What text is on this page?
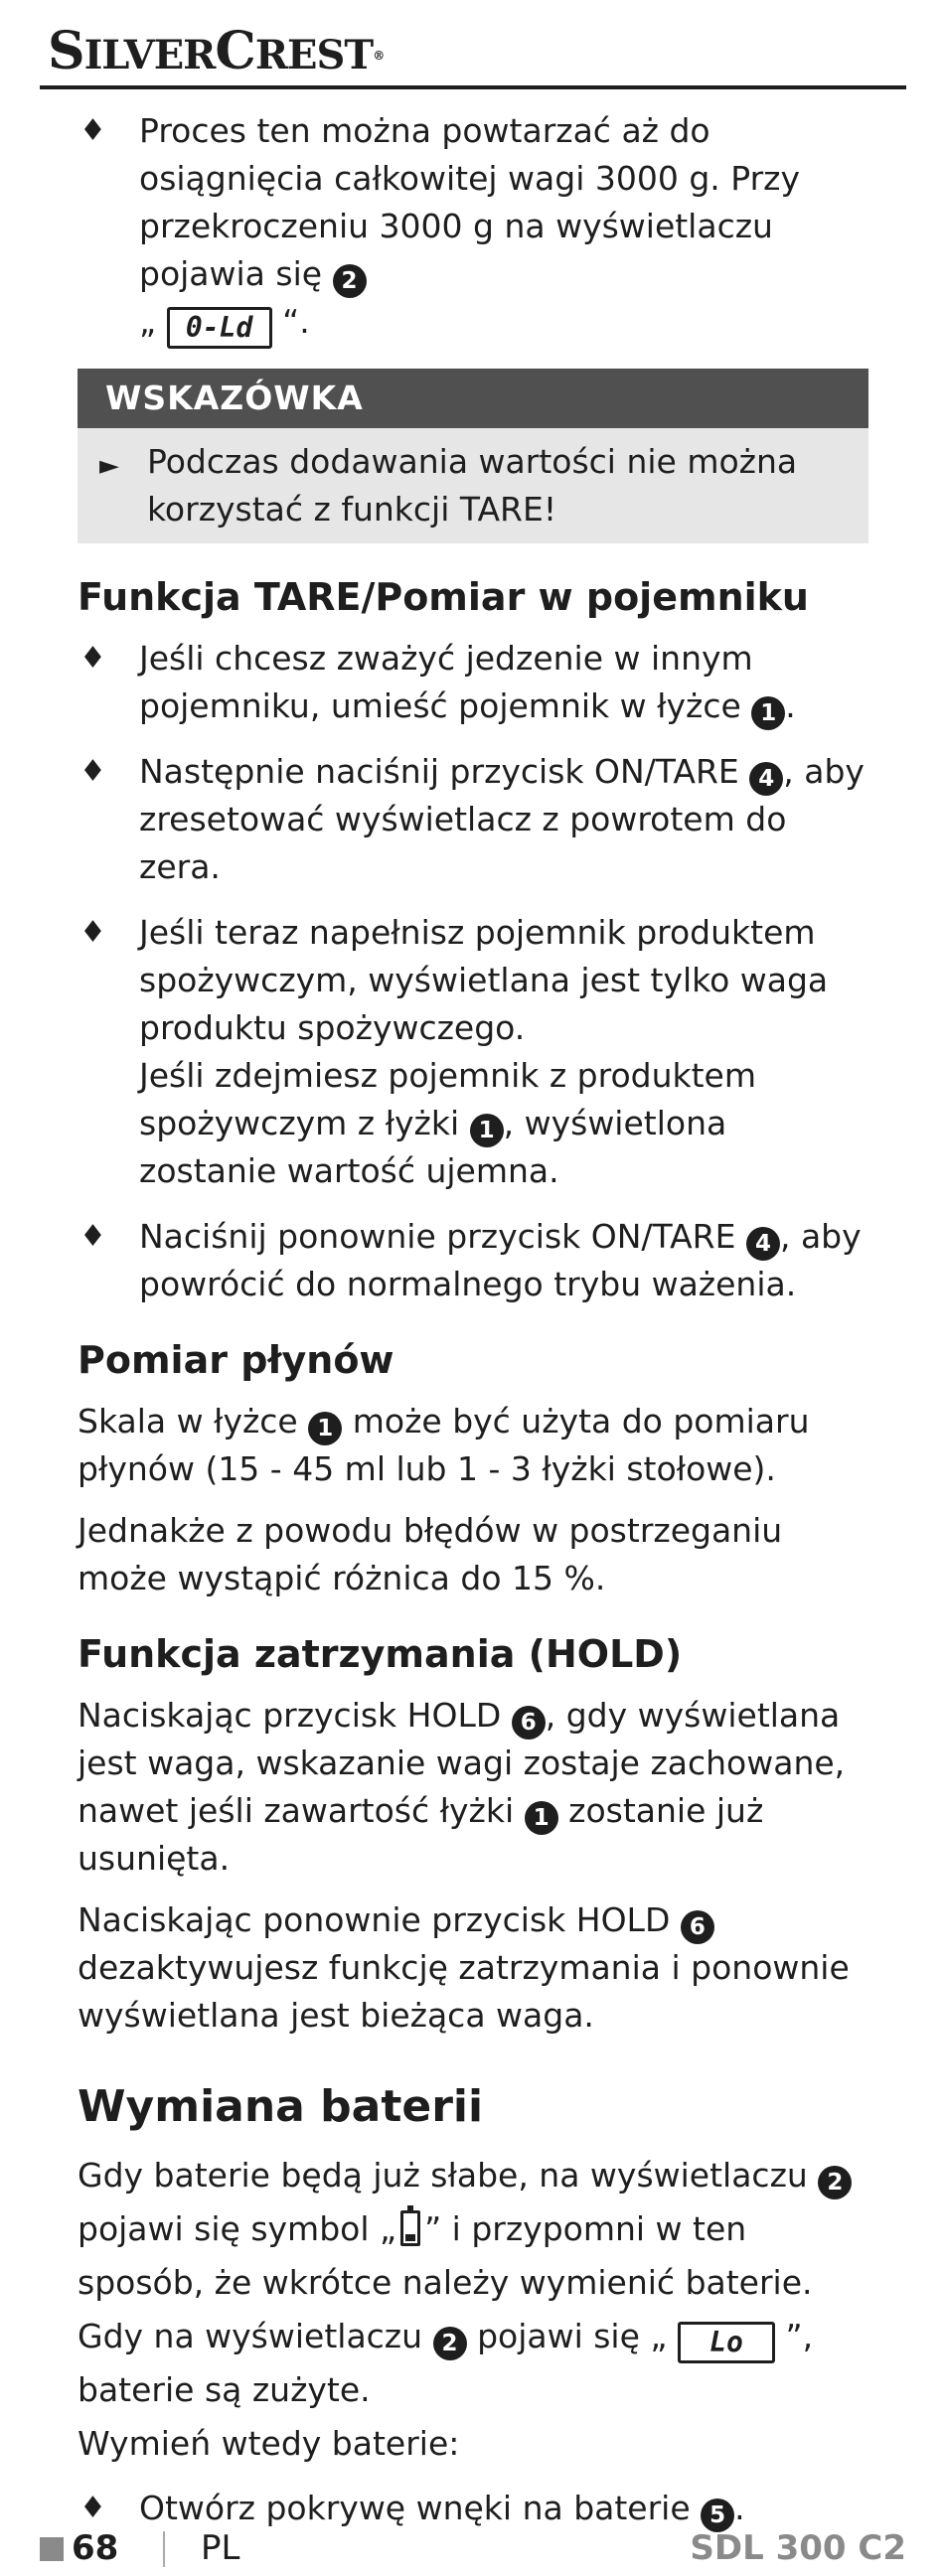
SILVERCREST®
♦ Proces ten można powtarzać aż do osiągnięcia całkowitej wagi 3000 g. Przy przekroczeniu 3000 g na wyświetlaczu pojawia się 2
„ 0-Ld “.

WSKAZÓWKA
► Podczas dodawania wartości nie można korzystać z funkcji TARE!

Funkcja TARE/Pomiar w pojemniku
♦ Jeśli chcesz zważyć jedzenie w innym pojemniku, umieść pojemnik w łyżce 1 .

♦ Następnie naciśnij przycisk ON/TARE 4 , aby zresetować wyświetlacz z powrotem do zera.

♦ Jeśli teraz napełnisz pojemnik produktem spożywczym, wyświetlana jest tylko waga produktu spożywczego.

Jeśli zdejmiesz pojemnik z produktem spożywczym z łyżki 1 , wyświetlona zostanie wartość ujemna.

♦ Naciśnij ponownie przycisk ON/TARE 4 , aby powrócić do normalnego trybu ważenia.

Pomiar płynów

Skala w łyżce 1 może być użyta do pomiaru płynów (15 - 45 ml lub 1 - 3 łyżki stołowe).

Jednakże z powodu błędów w postrzeganiu może wystąpić różnica do 15 %.

Funkcja zatrzymania (HOLD)

Naciskając przycisk HOLD 6 , gdy wyświetlana jest waga, wskazanie wagi zostaje zachowane, nawet jeśli zawartość łyżki 1 zostanie już usunięta.

Naciskając ponownie przycisk HOLD 6 dezaktywujesz funkcję zatrzymania i ponownie wyświetlana jest bieżąca waga.

Wymiana baterii

Gdy baterie będą już słabe, na wyświetlaczu 2
pojawi się symbol „ ” i przypomni w ten sposób, że wkrótce należy wymienić baterie. Gdy na wyświetlaczu 2 pojawi się „ Lo ”, baterie są zużyte.
Wymień wtedy baterie:

♦ Otwórz pokrywę wnęki na baterie 5 .

68 PL	SDL 300 C2
